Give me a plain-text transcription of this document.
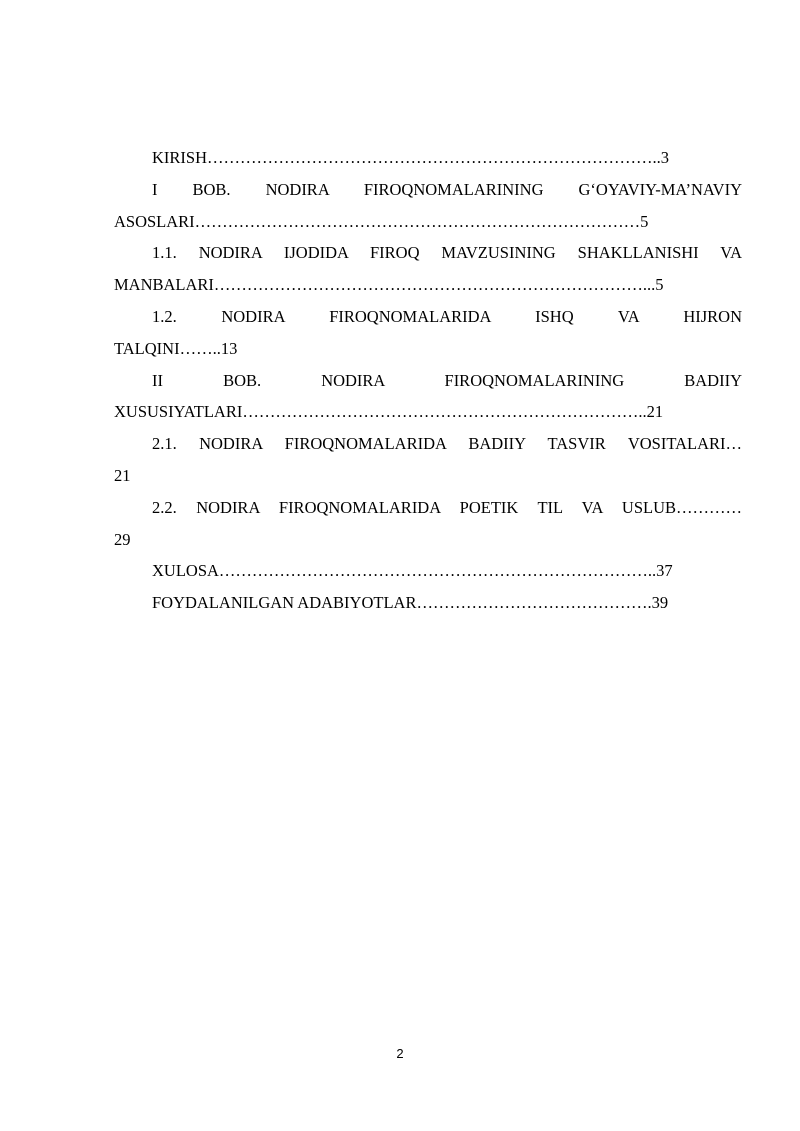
KIRISH………………………………………………………………………..3

I BOB. NODIRA FIROQNOMALARINING G‘OYAVIY-MA’NAVIY
ASOSLARI………………………………………………………………………5

1.1. NODIRA IJODIDA FIROQ MAVZUSINING SHAKLLANISHI VA
MANBALARI……………………………………………………………………...5

1.2. NODIRA FIROQNOMALARIDA ISHQ VA HIJRON
TALQINI……..13

II BOB. NODIRA FIROQNOMALARINING BADIIY
XUSUSIYATLARI………………………………………………………………..21

2.1. NODIRA FIROQNOMALARIDA BADIIY TASVIR VOSITALARI…
21

2.2. NODIRA FIROQNOMALARIDA POETIK TIL VA USLUB…………
29

XULOSA……………………………………………………………………..37

FOYDALANILGAN ADABIYOTLAR…………………………………….39

2
